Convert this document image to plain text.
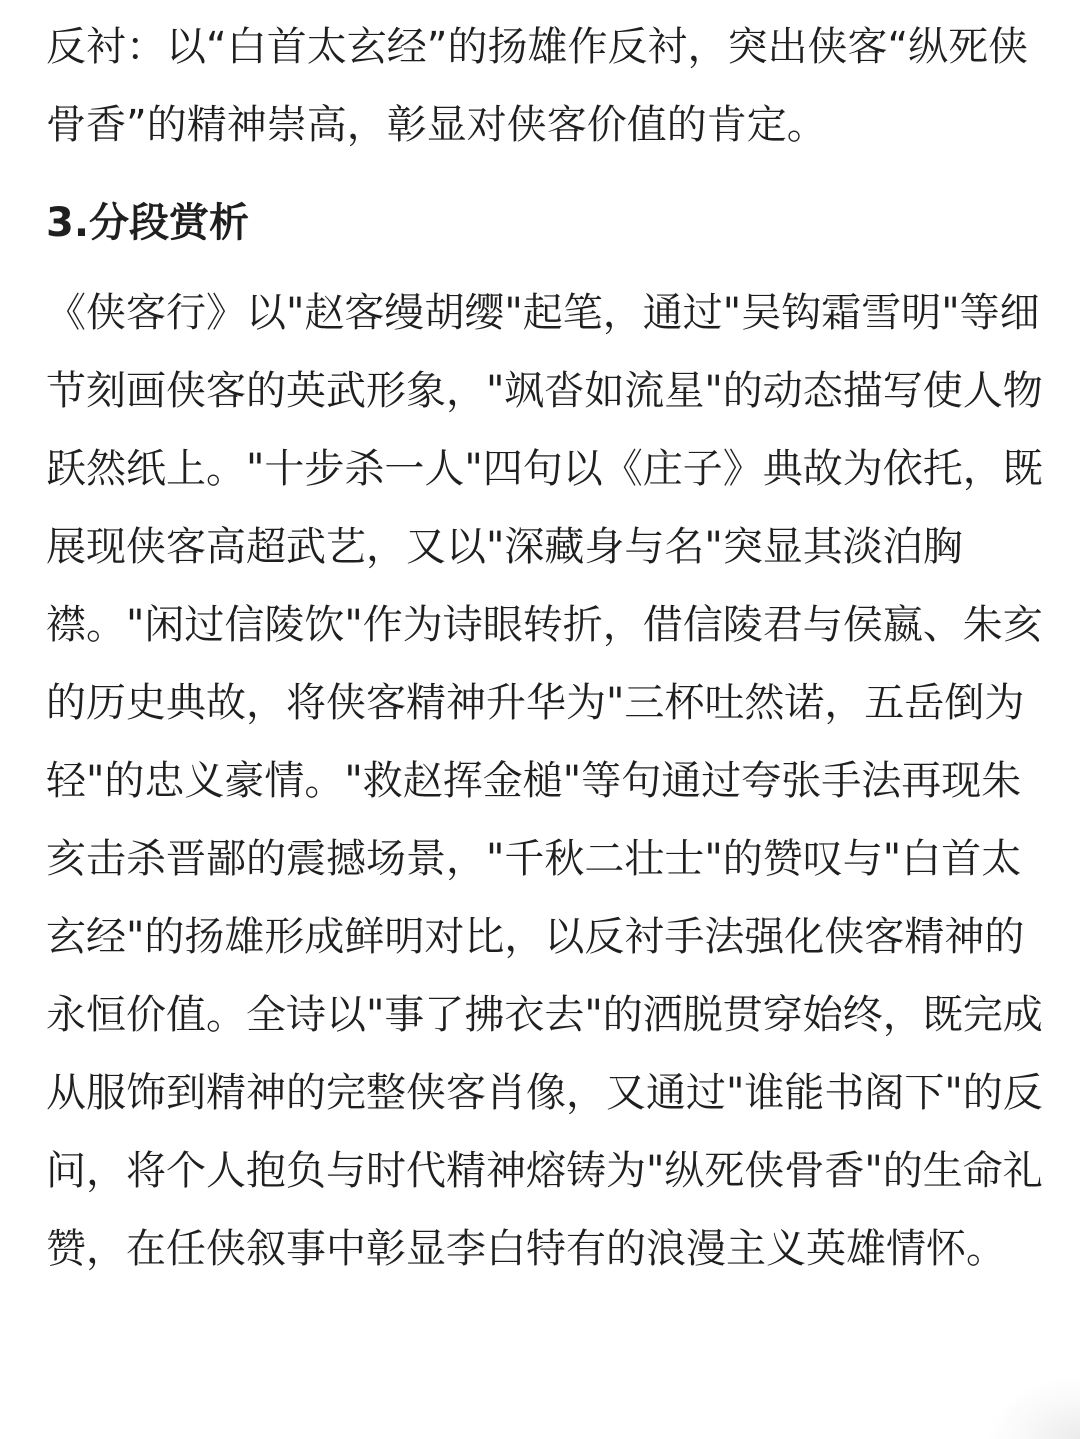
反衬：以“白首太玄经”的扬雄作反衬，突出侠客“纵死侠骨香”的精神崇高，彰显对侠客价值的肯定。

3.分段赏析

《侠客行》以"赵客缦胡缨"起笔，通过"吴钩霜雪明"等细节刻画侠客的英武形象，"飒沓如流星"的动态描写使人物跃然纸上。"十步杀一人"四句以《庄子》典故为依托，既展现侠客高超武艺，又以"深藏身与名"突显其淡泊胸襟。"闲过信陵饮"作为诗眼转折，借信陵君与侯嬴、朱亥的历史典故，将侠客精神升华为"三杯吐然诺，五岳倒为轻"的忠义豪情。"救赵挥金槌"等句通过夸张手法再现朱亥击杀晋鄙的震撼场景，"千秋二壮士"的赞叹与"白首太玄经"的扬雄形成鲜明对比，以反衬手法强化侠客精神的永恒价值。全诗以"事了拂衣去"的洒脱贯穿始终，既完成从服饰到精神的完整侠客肖像，又通过"谁能书阁下"的反问，将个人抱负与时代精神熔铸为"纵死侠骨香"的生命礼赞，在任侠叙事中彰显李白特有的浪漫主义英雄情怀。
